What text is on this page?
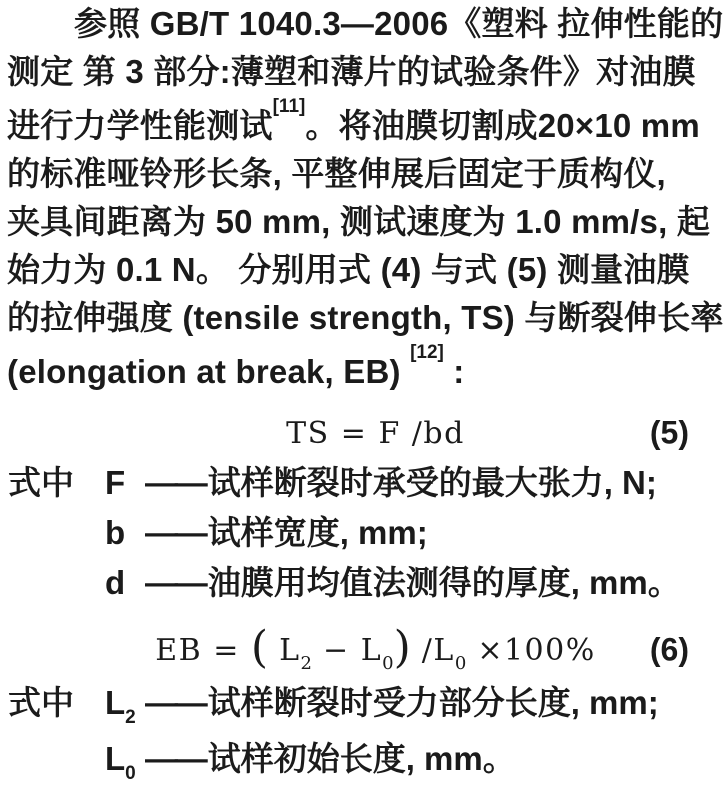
参照 GB/T 1040.3—2006《塑料 拉伸性能的
测定 第 3 部分:薄塑和薄片的试验条件》对油膜
进行力学性能测试[11]。将油膜切割成20×10 mm
的标准哑铃形长条, 平整伸展后固定于质构仪,
夹具间距离为 50 mm, 测试速度为 1.0 mm/s, 起
始力为 0.1 N。 分别用式 (4) 与式 (5) 测量油膜
的拉伸强度 (tensile strength, TS) 与断裂伸长率
(elongation at break, EB) [12] :
TS = F /bd	(5)
式中 F ——试样断裂时承受的最大张力, N;
b ——试样宽度, mm;
d ——油膜用均值法测得的厚度, mm。
EB = ( $L_2 - L_0$) $/L_0 \times 100\%$ (6)
式中 $L_2$ ——试样断裂时受力部分长度, mm;
$L_0$ ——试样初始长度, mm。
